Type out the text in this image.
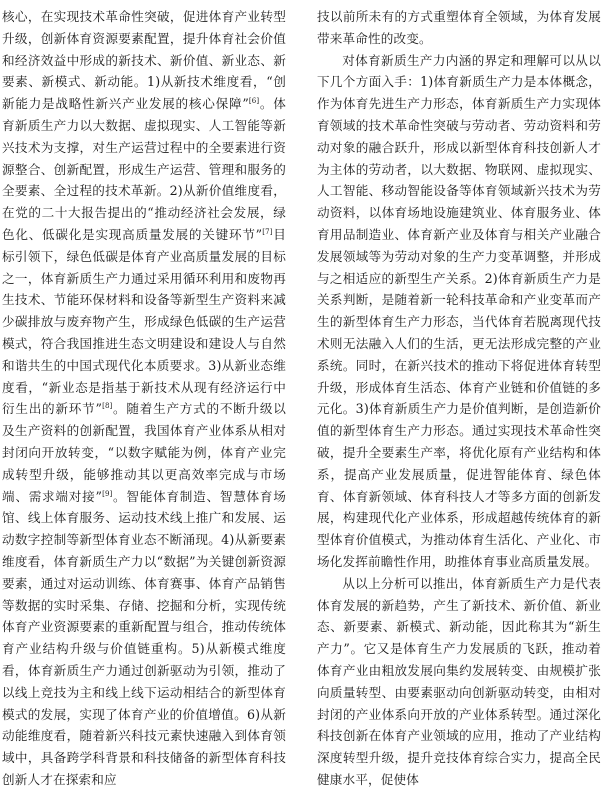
核心，在实现技术革命性突破，促进体育产业转型升级，创新体育资源要素配置，提升体育社会价值和经济效益中形成的新技术、新价值、新业态、新要素、新模式、新动能。1)从新技术维度看，“创新能力是战略性新兴产业发展的核心保障”[6]。体育新质生产力以大数据、虚拟现实、人工智能等新兴技术为支撑，对生产运营过程中的全要素进行资源整合、创新配置，形成生产运营、管理和服务的全要素、全过程的技术革新。2)从新价值维度看，在党的二十大报告提出的“推动经济社会发展，绿色化、低碳化是实现高质量发展的关键环节”[7]目标引领下，绿色低碳是体育产业高质量发展的目标之一，体育新质生产力通过采用循环利用和废物再生技术、节能环保材料和设备等新型生产资料来减少碳排放与废弃物产生，形成绿色低碳的生产运营模式，符合我国推进生态文明建设和建设人与自然和谐共生的中国式现代化本质要求。3)从新业态维度看，“新业态是指基于新技术从现有经济运行中衍生出的新环节”[8]。随着生产方式的不断升级以及生产资料的创新配置，我国体育产业体系从相对封闭向开放转变，“以数字赋能为例，体育产业完成转型升级，能够推动其以更高效率完成与市场端、需求端对接”[9]。智能体育制造、智慧体育场馆、线上体育服务、运动技术线上推广和发展、运动数字控制等新型体育业态不断涌现。4)从新要素维度看，体育新质生产力以“数据”为关键创新资源要素，通过对运动训练、体育赛事、体育产品销售等数据的实时采集、存储、挖掘和分析，实现传统体育产业资源要素的重新配置与组合，推动传统体育产业结构升级与价值链重构。5)从新模式维度看，体育新质生产力通过创新驱动为引领，推动了以线上竞技为主和线上线下运动相结合的新型体育模式的发展，实现了体育产业的价值增值。6)从新动能维度看，随着新兴科技元素快速融入到体育领域中，具备跨学科背景和科技储备的新型体育科技创新人才在探索和应

技以前所未有的方式重塑体育全领域，为体育发展带来革命性的改变。

对体育新质生产力内涵的界定和理解可以从以下几个方面入手：1)体育新质生产力是本体概念，作为体育先进生产力形态，体育新质生产力实现体育领域的技术革命性突破与劳动者、劳动资料和劳动对象的融合跃升，形成以新型体育科技创新人才为主体的劳动者，以大数据、物联网、虚拟现实、人工智能、移动智能设备等体育领域新兴技术为劳动资料，以体育场地设施建筑业、体育服务业、体育用品制造业、体育新产业及体育与相关产业融合发展领域等为劳动对象的生产力变革调整，并形成与之相适应的新型生产关系。2)体育新质生产力是关系判断，是随着新一轮科技革命和产业变革而产生的新型体育生产力形态，当代体育若脱离现代技术则无法融入人们的生活，更无法形成完整的产业系统。同时，在新兴技术的推动下将促进体育转型升级，形成体育生活态、体育产业链和价值链的多元化。3)体育新质生产力是价值判断，是创造新价值的新型体育生产力形态。通过实现技术革命性突破，提升全要素生产率，将优化原有产业结构和体系，提高产业发展质量，促进智能体育、绿色体育、体育新领域、体育科技人才等多方面的创新发展，构建现代化产业体系，形成超越传统体育的新型体育价值模式，为推动体育生活化、产业化、市场化发挥前瞻性作用，助推体育事业高质量发展。

从以上分析可以推出，体育新质生产力是代表体育发展的新趋势，产生了新技术、新价值、新业态、新要素、新模式、新动能，因此称其为“新生产力”。它又是体育生产力发展质的飞跃，推动着体育产业由粗放发展向集约发展转变、由规模扩张向质量转型、由要素驱动向创新驱动转变，由相对封闭的产业体系向开放的产业体系转型。通过深化科技创新在体育产业领域的应用，推动了产业结构深度转型升级，提升竞技体育综合实力，提高全民健康水平，促使体
